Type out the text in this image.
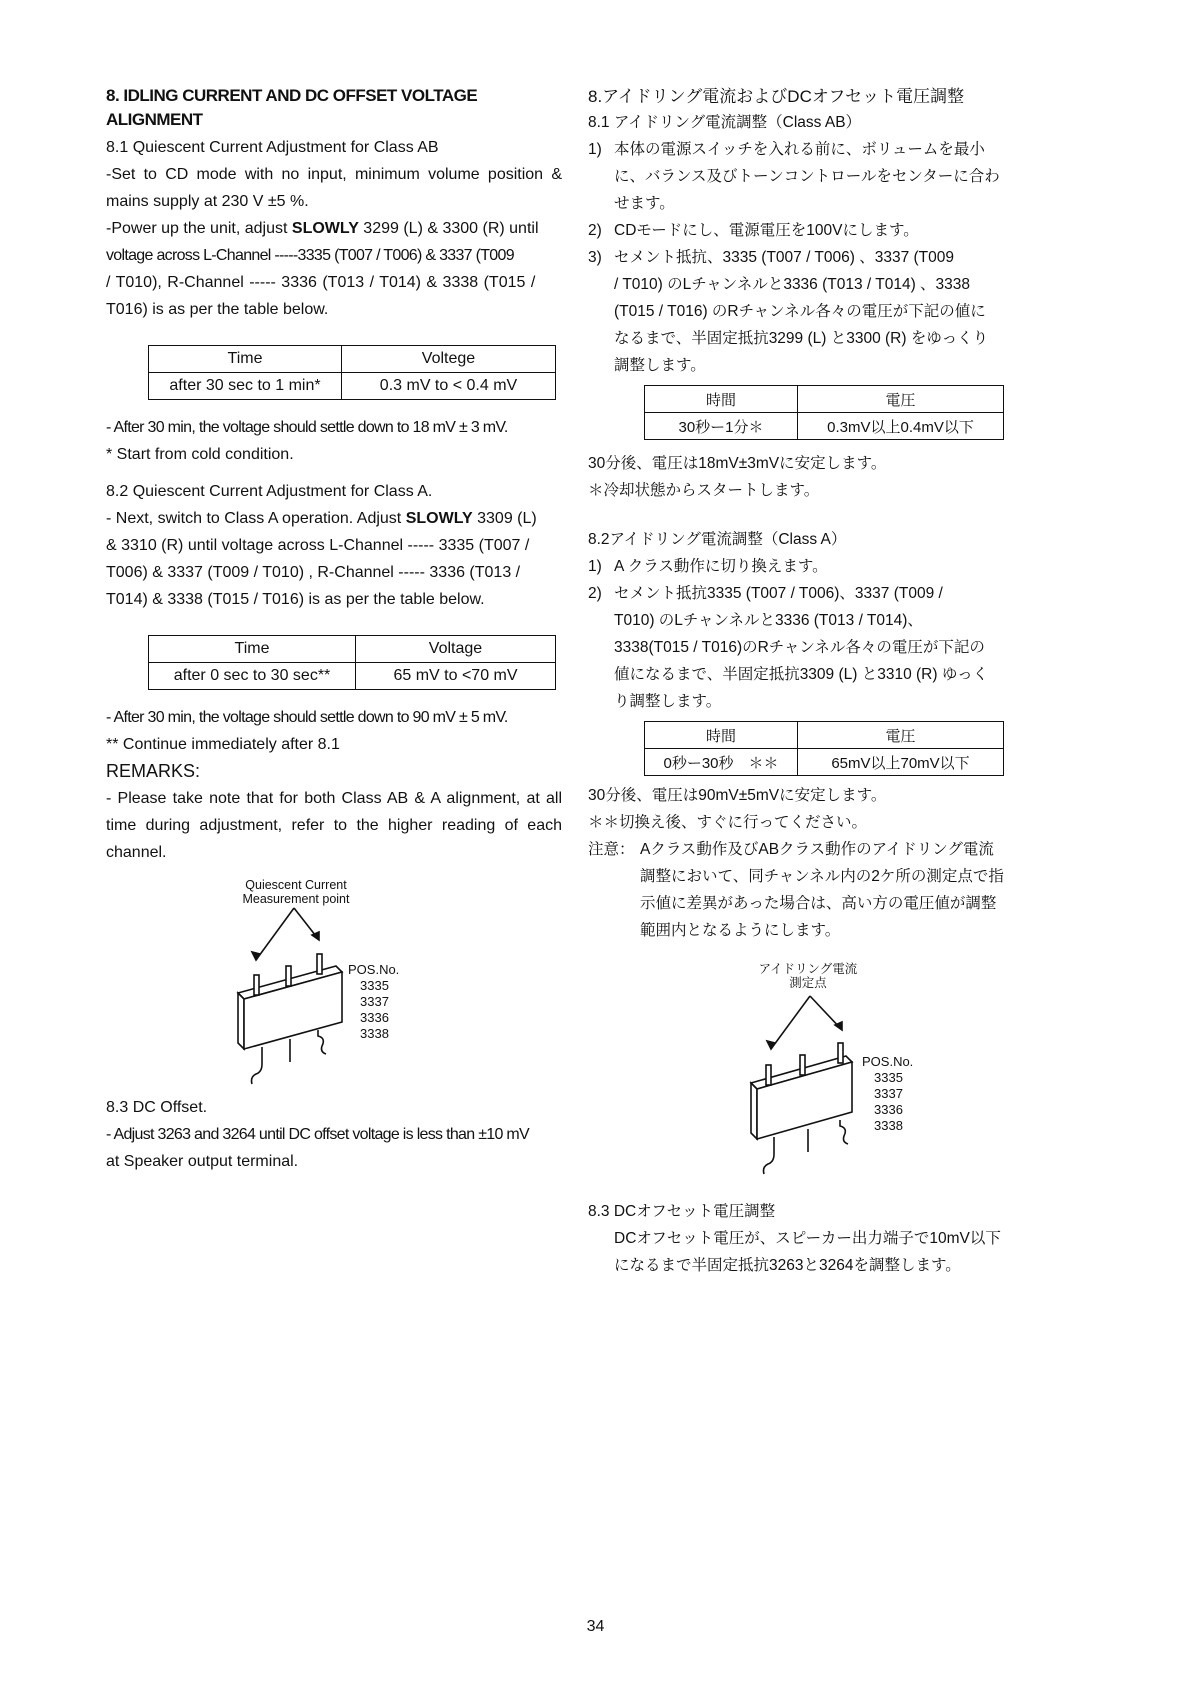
8. IDLING CURRENT AND DC OFFSET VOLTAGE ALIGNMENT

8.1 Quiescent Current Adjustment for Class AB

-Set to CD mode with no input, minimum volume position & mains supply at 230 V ±5 %.

-Power up the unit, adjust SLOWLY 3299 (L) & 3300 (R) until

voltage across L-Channel -----3335 (T007 / T006) & 3337 (T009

/ T010), R-Channel ----- 3336 (T013 / T014) & 3338 (T015 /

T016) is as per the table below.

Time	Voltege
after 30 sec to 1 min*	0.3 mV to < 0.4 mV

- After 30 min, the voltage should settle down to 18 mV ± 3 mV.

* Start from cold condition.

8.2 Quiescent Current Adjustment for Class A.

- Next, switch to Class A operation. Adjust SLOWLY 3309 (L)

& 3310 (R) until voltage across L-Channel ----- 3335 (T007 /

T006) & 3337 (T009 / T010) , R-Channel ----- 3336 (T013 /

T014) & 3338 (T015 / T016) is as per the table below.

Time	Voltage
after 0 sec to 30 sec**	65 mV to <70 mV

- After 30 min, the voltage should settle down to 90 mV ± 5 mV.

** Continue immediately after 8.1

REMARKS:

- Please take note that for both Class AB & A alignment, at all time during adjustment, refer to the higher reading of each channel.

Quiescent Current
Measurement point
POS.No.
3335
3337
3336
3338

8.3 DC Offset.

- Adjust 3263 and 3264 until DC offset voltage is less than ±10 mV

at Speaker output terminal.

8.アイドリング電流およびDCオフセット電圧調整

8.1 アイドリング電流調整（Class AB）

1) 本体の電源スイッチを入れる前に、ボリュームを最小

に、バランス及びトーンコントロールをセンターに合わ

せます。

2) CDモードにし、電源電圧を100Vにします。

3) セメント抵抗、3335 (T007 / T006) 、3337 (T009

/ T010) のLチャンネルと3336 (T013 / T014) 、3338

(T015 / T016) のRチャンネル各々の電圧が下記の値に

なるまで、半固定抵抗3299 (L) と3300 (R) をゆっくり

調整します。

時間	電圧
30秒ー1分＊	0.3mV以上0.4mV以下

30分後、電圧は18mV±3mVに安定します。

＊冷却状態からスタートします。

8.2アイドリング電流調整（Class A）

1) A クラス動作に切り換えます。

2) セメント抵抗3335 (T007 / T006)、3337 (T009 /

T010) のLチャンネルと3336 (T013 / T014)、

3338(T015 / T016)のRチャンネル各々の電圧が下記の

値になるまで、半固定抵抗3309 (L) と3310 (R) ゆっく

り調整します。

時間	電圧
0秒ー30秒　＊＊	65mV以上70mV以下

30分後、電圧は90mV±5mVに安定します。

＊＊切換え後、すぐに行ってください。

注意： Aクラス動作及びABクラス動作のアイドリング電流

調整において、同チャンネル内の2ケ所の測定点で指

示値に差異があった場合は、高い方の電圧値が調整

範囲内となるようにします。

アイドリング電流
測定点
POS.No.
3335
3337
3336
3338

8.3 DCオフセット電圧調整

DCオフセット電圧が、スピーカー出力端子で10mV以下

になるまで半固定抵抗3263と3264を調整します。

34
